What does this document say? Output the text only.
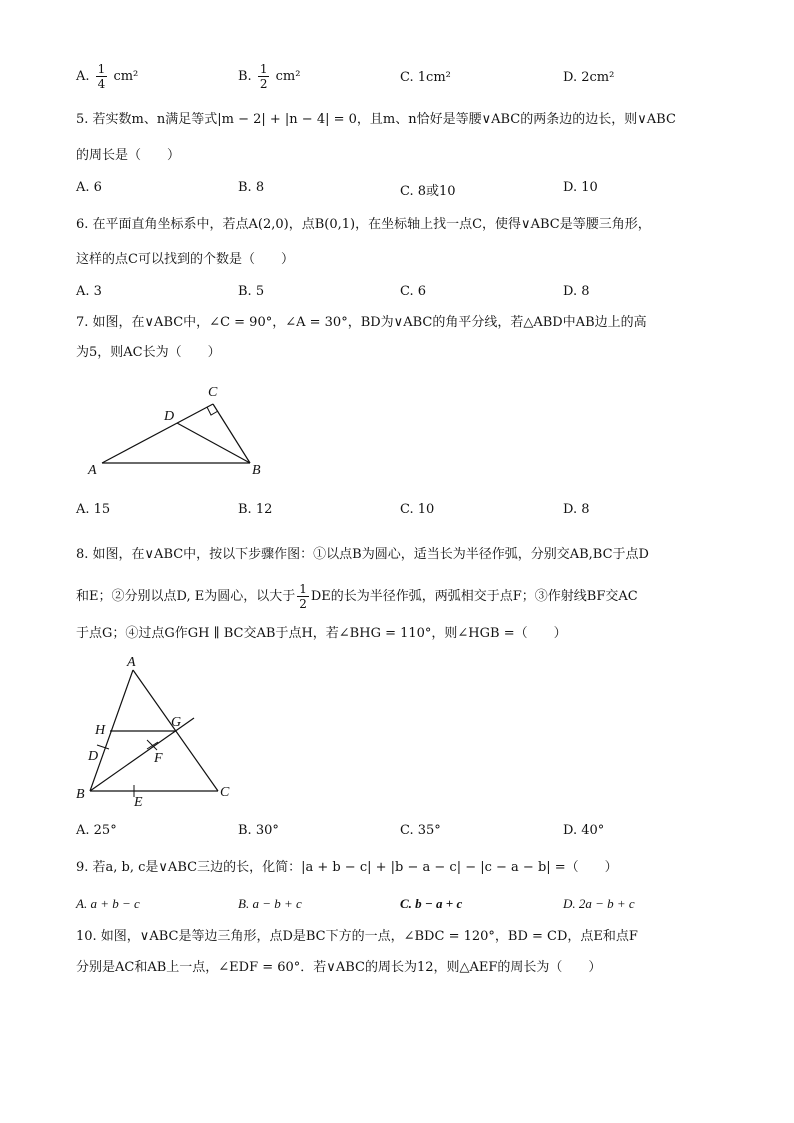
A. $\frac{1}{4} cm^2$	B. $\frac{1}{2} cm^2$	C. 1cm²	D. 2cm²
5. 若实数m、n满足等式|m − 2| + |n − 4| = 0，且m、n恰好是等腰∨ABC的两条边的边长，则∨ABC
的周长是（　　）
A. 6	B. 8	C. 8或10	D. 10
6. 在平面直角坐标系中，若点A(2,0)，点B(0,1)，在坐标轴上找一点C，使得∨ABC是等腰三角形，
这样的点C可以找到的个数是（　　）
A. 3	B. 5	C. 6	D. 8
7. 如图，在∨ABC中，∠C = 90°，∠A = 30°，BD为∨ABC的角平分线，若△ABD中AB边上的高
为5，则AC长为（　　）
C
D
A	B
A. 15	B. 12	C. 10	D. 8
8. 如图，在∨ABC中，按以下步骤作图：①以点B为圆心，适当长为半径作弧，分别交AB,BC于点D
和E；②分别以点D, E为圆心，以大于 $\frac{1}{2}$ DE的长为半径作弧，两弧相交于点F；③作射线BF交AC
于点G；④过点G作GH ∥ BC交AB于点H，若∠BHG = 110°，则∠HGB =（　　）
A
H
G
D	F
B
E
C
A. 25°	B. 30°	C. 35°	D. 40°
9. 若a, b, c是∨ABC三边的长，化简：|a + b − c| + |b − a − c| − |c − a − b| =（　　）
A. a + b − c	B. a − b + c	C. b − a + c	D. 2a − b + c
10. 如图，∨ABC是等边三角形，点D是BC下方的一点，∠BDC = 120°，BD = CD，点E和点F
分别是AC和AB上一点，∠EDF = 60°．若∨ABC的周长为12，则△AEF的周长为（　　）
